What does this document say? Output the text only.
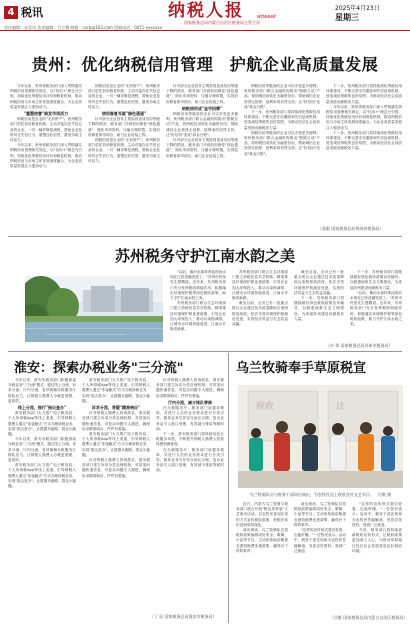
4 税讯	纳税人报
国家税务总局内蒙古自治区税务局主管主办
wtweek
2025年4月23日
星期三
责任编辑：宋喜凤 美术编辑：吕立梅 邮箱：nsrb@163.com 投稿电话：0471-xxxxxxx
贵州：优化纳税信用管理　护航企业高质量发展

今年以来，贵州省税务部门深入贯彻落实纳税信用管理相关规定，以"信用+"理念为引领，持续优化纳税信用评价和修复机制，推动纳税信用与市场主体发展深度融合，为企业高质量发展注入强劲动力。

"重塑信誉"焕发市场活力

纳税信用是企业的"无形资产"。贵州税务部门依托信用修复机制，主动对接存在失信记录的企业，一对一辅导修复流程，帮助企业及时纠正失信行为，重塑良好信誉，激发市场主体活力。

今年以来，贵州省税务部门深入贯彻落实纳税信用管理相关规定，以"信用+"理念为引领，持续优化纳税信用评价和修复机制，推动纳税信用与市场主体发展深度融合，为企业高质量发展注入强劲动力。

纳税信用是企业的"无形资产"。贵州税务部门依托信用修复机制，主动对接存在失信记录的企业，一对一辅导修复流程，帮助企业及时纠正失信行为，重塑良好信誉，激发市场主体活力。

信用修复写就"绿色通道"

针对部分企业因非主观原因造成信用等级下降的情况，税务部门开辟信用修复"绿色通道"，简化申请资料，压缩办理时限，实现信用修复即申即办，助力企业轻装上阵。

纳税信用是企业的"无形资产"。贵州税务部门依托信用修复机制，主动对接存在失信记录的企业，一对一辅导修复流程，帮助企业及时纠正失信行为，重塑良好信誉，激发市场主体活力。

针对部分企业因非主观原因造成信用等级下降的情况，税务部门开辟信用修复"绿色通道"，简化申请资料，压缩办理时限，实现信用修复即申即办，助力企业轻装上阵。

纳税信用成"金字招牌"

纳税信用等级高的企业可以享受更多便利。贵州税务部门联合金融机构推出"银税互动"产品，将纳税信用转化为融资信用，帮助诚信企业获得无抵押、低利率的信贷支持，让"好信用"变成"真金白银"。

针对部分企业因非主观原因造成信用等级下降的情况，税务部门开辟信用修复"绿色通道"，简化申请资料，压缩办理时限，实现信用修复即申即办，助力企业轻装上阵。

纳税信用等级高的企业可以享受更多便利。贵州税务部门联合金融机构推出"银税互动"产品，将纳税信用转化为融资信用，帮助诚信企业获得无抵押、低利率的信贷支持，让"好信用"变成"真金白银"。

下一步，贵州税务部门将持续深化纳税信用体系建设，不断完善守信激励和失信惩戒机制，营造诚信纳税的良好氛围，为推动经济社会高质量发展贡献税务力量。

纳税信用等级高的企业可以享受更多便利。贵州税务部门联合金融机构推出"银税互动"产品，将纳税信用转化为融资信用，帮助诚信企业获得无抵押、低利率的信贷支持，让"好信用"变成"真金白银"。

下一步，贵州税务部门将持续深化纳税信用体系建设，不断完善守信激励和失信惩戒机制，营造诚信纳税的良好氛围，为推动经济社会高质量发展贡献税务力量。

今年以来，贵州省税务部门深入贯彻落实纳税信用管理相关规定，以"信用+"理念为引领，持续优化纳税信用评价和修复机制，推动纳税信用与市场主体发展深度融合，为企业高质量发展注入强劲动力。

下一步，贵州税务部门将持续深化纳税信用体系建设，不断完善守信激励和失信惩戒机制，营造诚信纳税的良好氛围，为推动经济社会高质量发展贡献税务力量。

（高毅 国家税务总局贵州省税务局）
苏州税务守护江南水韵之美

"以前，像河水那样浑浊的河水现在已经清澈见底了。"苏州市民张先生感慨道。近年来，苏州税务部门充分发挥税收职能作用，积极落实环境保护税等绿色税收政策，助力守护江南水韵之美。

苏州税务部门联合生态环境部门建立涉税信息共享机制，精准推送环境保护税优惠政策，引导企业加大环保投入，推动污染物减排，让城市水环境持续改善，江南水乡焕发新颜。

苏州税务部门联合生态环境部门建立涉税信息共享机制，精准推送环境保护税优惠政策，引导企业加大环保投入，推动污染物减排，让城市水环境持续改善，江南水乡焕发新颜。

截至目前，全市已有一批重点排污企业通过技术改造降低污染物排放浓度，依法享受环境保护税减征优惠，实现经济效益与生态效益双赢。

截至目前，全市已有一批重点排污企业通过技术改造降低污染物排放浓度，依法享受环境保护税减征优惠，实现经济效益与生态效益双赢。

下一步，苏州税务部门将继续做好绿色税收政策宣传辅导，以税惠助推生态文明建设，为美丽苏州建设贡献税务力量。

下一步，苏州税务部门将继续做好绿色税收政策宣传辅导，以税惠助推生态文明建设，为美丽苏州建设贡献税务力量。

"以前，像河水那样浑浊的河水现在已经清澈见底了。"苏州市民张先生感慨道。近年来，苏州税务部门充分发挥税收职能作用，积极落实环境保护税等绿色税收政策，助力守护江南水韵之美。

（许 伟 国家税务总局苏州市税务局）
淮安：探索办税业务"三分流"

今年以来，淮安市税务部门积极探索办税业务"三分流"模式，通过线上分流、诉求分流、厅内分流，有效缓解办税服务厅排队压力，让纳税人缴费人办税更便捷、更高效。

线上分流，推行"指尖查办"

淮安税务部门大力推广电子税务局、个人所得税App等线上渠道，引导纳税人缴费人通过"非接触式"方式办理涉税业务，实现"指尖查办"，让数据多跑路、群众少跑腿。

今年以来，淮安市税务部门积极探索办税业务"三分流"模式，通过线上分流、诉求分流、厅内分流，有效缓解办税服务厅排队压力，让纳税人缴费人办税更便捷、更高效。

淮安税务部门大力推广电子税务局、个人所得税App等线上渠道，引导纳税人缴费人通过"非接触式"方式办理涉税业务，实现"指尖查办"，让数据多跑路、群众少跑腿。

淮安税务部门大力推广电子税务局、个人所得税App等线上渠道，引导纳税人缴费人通过"非接触式"方式办理涉税业务，实现"指尖查办"，让数据多跑路、群众少跑腿。

诉求分流，答疑"精准响应"

针对纳税人缴费人咨询需求，淮安税务部门建立诉求分类处理机制，对常见问题快速答复，对复杂问题专人跟进，确保诉求精准响应、件件有着落。

淮安税务部门大力推广电子税务局、个人所得税App等线上渠道，引导纳税人缴费人通过"非接触式"方式办理涉税业务，实现"指尖查办"，让数据多跑路、群众少跑腿。

针对纳税人缴费人咨询需求，淮安税务部门建立诉求分类处理机制，对常见问题快速答复，对复杂问题专人跟进，确保诉求精准响应、件件有着落。

针对纳税人缴费人咨询需求，淮安税务部门建立诉求分类处理机制，对常见问题快速答复，对复杂问题专人跟进，确保诉求精准响应、件件有着落。

厅内分流，减少排队等候

在办税服务厅，税务部门设置导税岗，对进厅人员的业务需求进行分类引导，简单业务引导至自助区办理，复杂业务由专人窗口受理，有效减少排队等候时间。

下一步，淮安税务部门将持续优化办税服务举措，不断提升纳税人缴费人的获得感和满意度。

在办税服务厅，税务部门设置导税岗，对进厅人员的业务需求进行分类引导，简单业务引导至自助区办理，复杂业务由专人窗口受理，有效减少排队等候时间。

（丁 辰 国家税务总局淮安市税务局）
乌兰牧骑奉手草原税宣
税收	法
乌兰牧骑队员与税务干部同台演出，为农牧民送上税收宣传文艺节目。　岳维 摄

近日，内蒙古乌兰牧骑与税务部门联合开展"税宣进草原"文艺演出活动，以农牧民喜闻乐见的方式宣传税收政策，把税法知识送到草原深处。

演出现场，乌兰牧骑队员将税收政策编排成好来宝、歌舞、小品等节目，生动形象地讲解惠农惠牧税费优惠政策，赢得台下阵阵掌声。

演出现场，乌兰牧骑队员将税收政策编排成好来宝、歌舞、小品等节目，生动形象地讲解惠农惠牧税费优惠政策，赢得台下阵阵掌声。

"这样的宣传形式我们爱看，也能听懂。"一位牧民表示。活动中，税务干部还现场为农牧民答疑解惑，发放宣传资料，受到广泛欢迎。

"这样的宣传形式我们爱看，也能听懂。"一位牧民表示。活动中，税务干部还现场为农牧民答疑解惑，发放宣传资料，受到广泛欢迎。

今后，税务部门将持续创新税收宣传形式，让税收政策更加深入人心，为推动草原地区经济社会发展营造良好税收环境。

（岳维 国家税务总局内蒙古自治区税务局）
